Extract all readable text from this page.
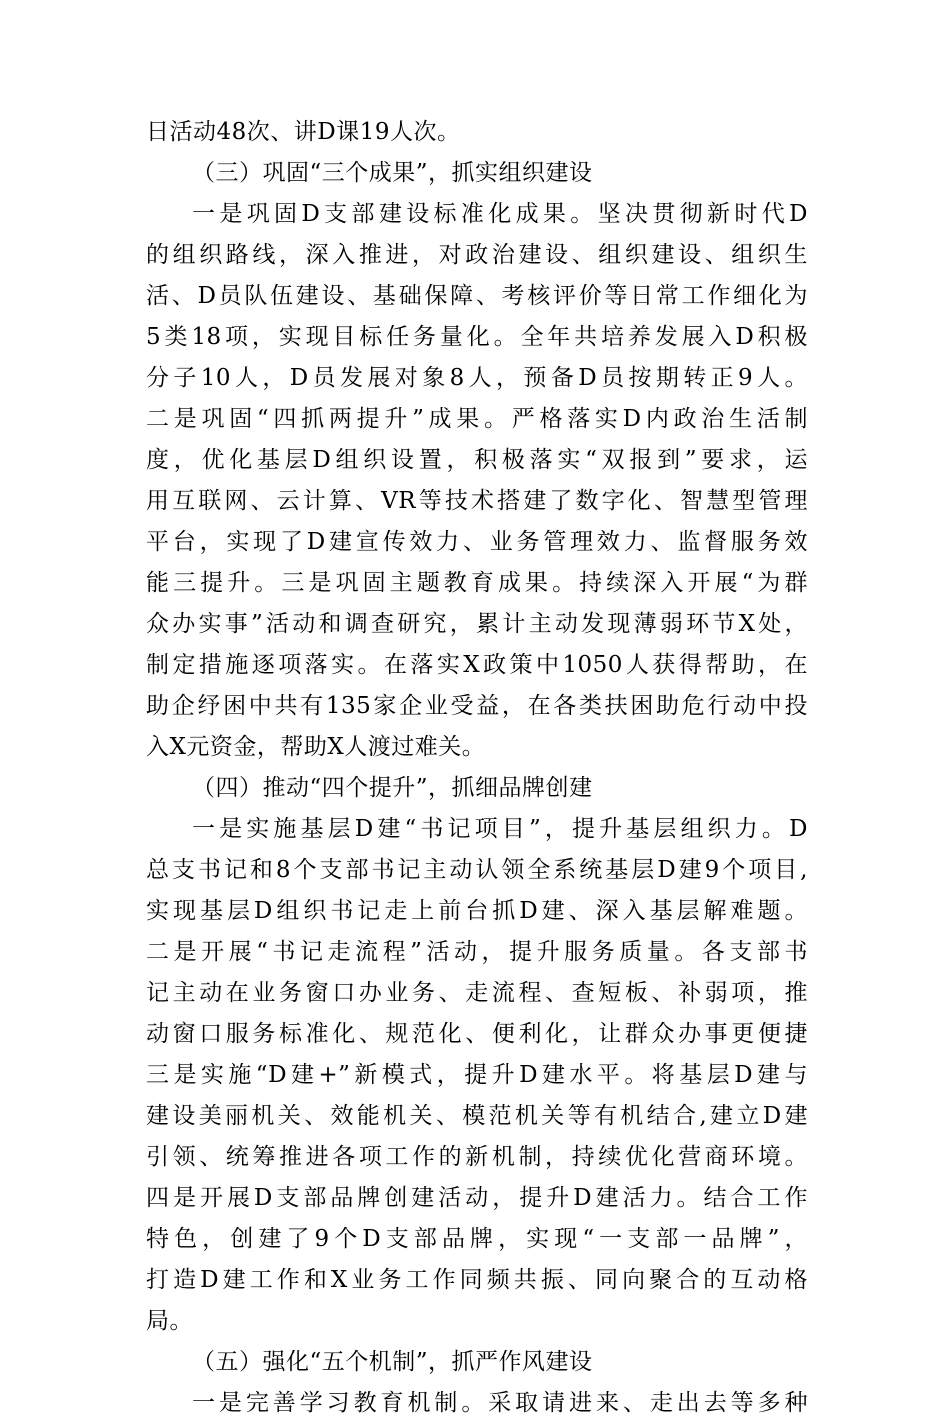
日活动48次、讲D课19人次。
（三）巩固“三个成果”，抓实组织建设
一是巩固D支部建设标准化成果。坚决贯彻新时代D
的组织路线，深入推进，对政治建设、组织建设、组织生
活、D员队伍建设、基础保障、考核评价等日常工作细化为
5类18项，实现目标任务量化。全年共培养发展入D积极
分子10人，D员发展对象8人，预备D员按期转正9人。
二是巩固“四抓两提升”成果。严格落实D内政治生活制
度，优化基层D组织设置，积极落实“双报到”要求，运
用互联网、云计算、VR等技术搭建了数字化、智慧型管理
平台，实现了D建宣传效力、业务管理效力、监督服务效
能三提升。三是巩固主题教育成果。持续深入开展“为群
众办实事”活动和调查研究，累计主动发现薄弱环节X处，
制定措施逐项落实。在落实X政策中1050人获得帮助，在
助企纾困中共有135家企业受益，在各类扶困助危行动中投
入X元资金，帮助X人渡过难关。
（四）推动“四个提升”，抓细品牌创建
一是实施基层D建“书记项目”，提升基层组织力。D
总支书记和8个支部书记主动认领全系统基层D建9个项目,
实现基层D组织书记走上前台抓D建、深入基层解难题。
二是开展“书记走流程”活动，提升服务质量。各支部书
记主动在业务窗口办业务、走流程、查短板、补弱项，推
动窗口服务标准化、规范化、便利化，让群众办事更便捷
三是实施“D建+”新模式，提升D建水平。将基层D建与
建设美丽机关、效能机关、模范机关等有机结合,建立D建
引领、统筹推进各项工作的新机制，持续优化营商环境。
四是开展D支部品牌创建活动，提升D建活力。结合工作
特色，创建了9个D支部品牌，实现“一支部一品牌”，
打造D建工作和X业务工作同频共振、同向聚合的互动格
局。
（五）强化“五个机制”，抓严作风建设
一是完善学习教育机制。采取请进来、走出去等多种
